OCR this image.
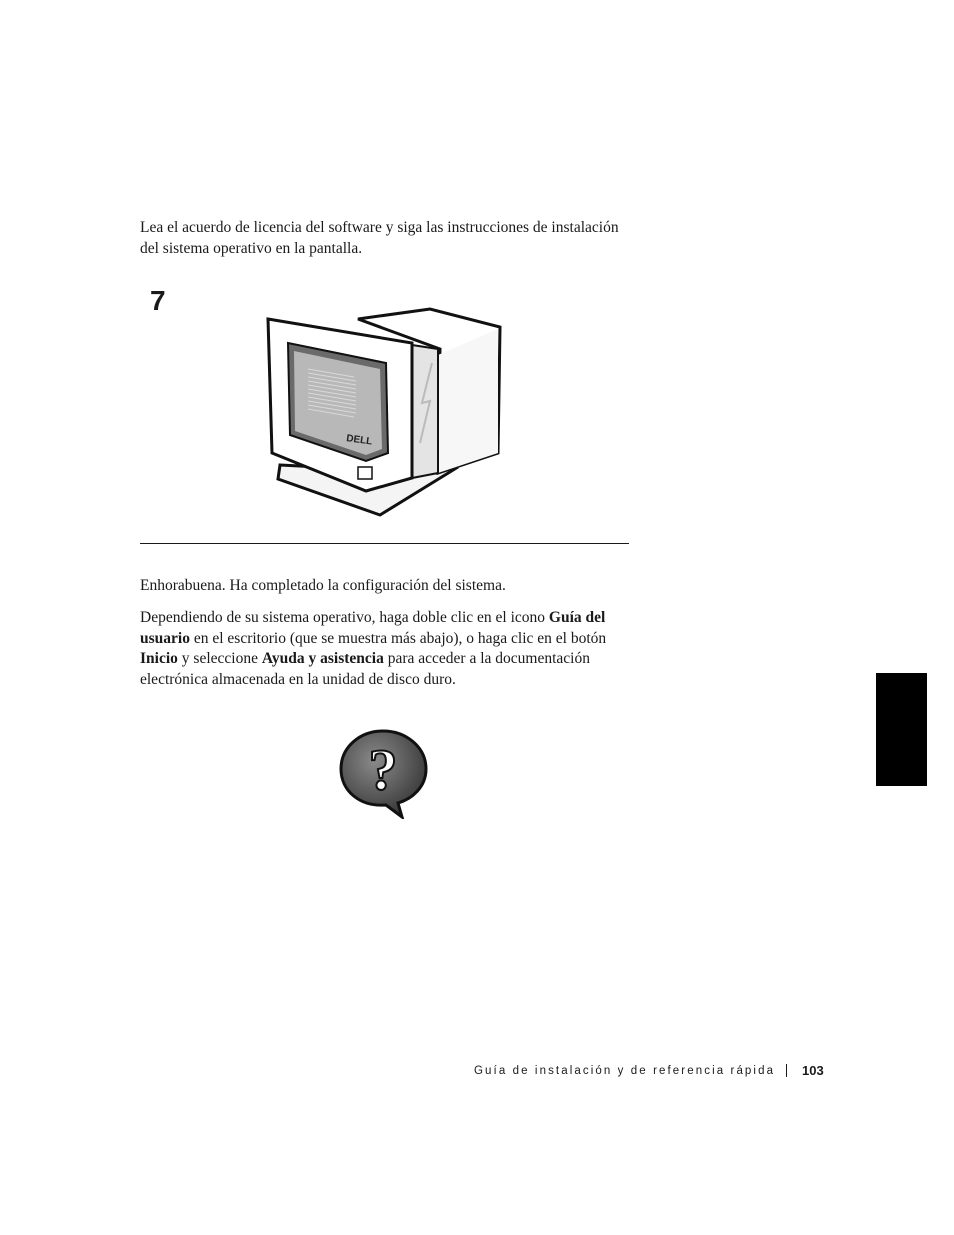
Lea el acuerdo de licencia del software y siga las instrucciones de instalación del sistema operativo en la pantalla.

7
DELL

Enhorabuena. Ha completado la configuración del sistema.

Dependiendo de su sistema operativo, haga doble clic en el icono Guía del usuario en el escritorio (que se muestra más abajo), o haga clic en el botón Inicio y seleccione Ayuda y asistencia para acceder a la documentación electrónica almacenada en la unidad de disco duro.

?
Guía de instalación y de referencia rápida 103
